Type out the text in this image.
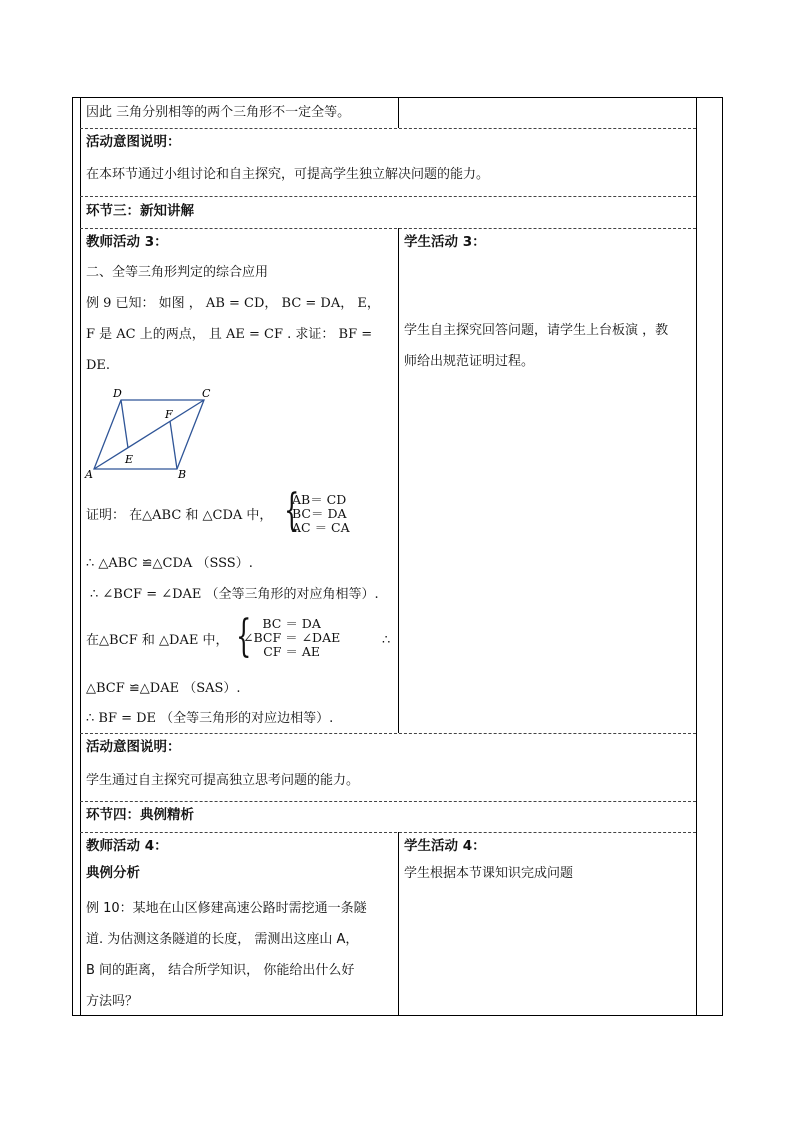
因此 三角分别相等的两个三角形不一定全等。
活动意图说明：
在本环节通过小组讨论和自主探究，可提高学生独立解决问题的能力。
环节三：新知讲解
教师活动 3：
二、全等三角形判定的综合应用
例 9 已知： 如图 ， AB = CD， BC = DA， E，
F 是 AC 上的两点， 且 AE = CF . 求证： BF =
DE.
D	C
F
E
A	B
证明： 在△ABC 和 △CDA 中， {
AB＝ CD
BC＝ DA
AC ＝ CA
∴ △ABC ≌△CDA （SSS）.
∴ ∠BCF = ∠DAE （全等三角形的对应角相等）.
在△BCF 和 △DAE 中， { BC ＝ DA
∠BCF ＝ ∠DAE
CF ＝ AE
∴
△BCF ≌△DAE （SAS）.
∴ BF = DE （全等三角形的对应边相等）.
学生活动 3：
学生自主探究回答问题，请学生上台板演 ，教
师给出规范证明过程。
活动意图说明：
学生通过自主探究可提高独立思考问题的能力。
环节四：典例精析
教师活动 4：
典例分析
例 10：某地在山区修建高速公路时需挖通一条隧
道. 为估测这条隧道的长度， 需测出这座山 A，
B 间的距离， 结合所学知识， 你能给出什么好
方法吗？
学生活动 4：
学生根据本节课知识完成问题
